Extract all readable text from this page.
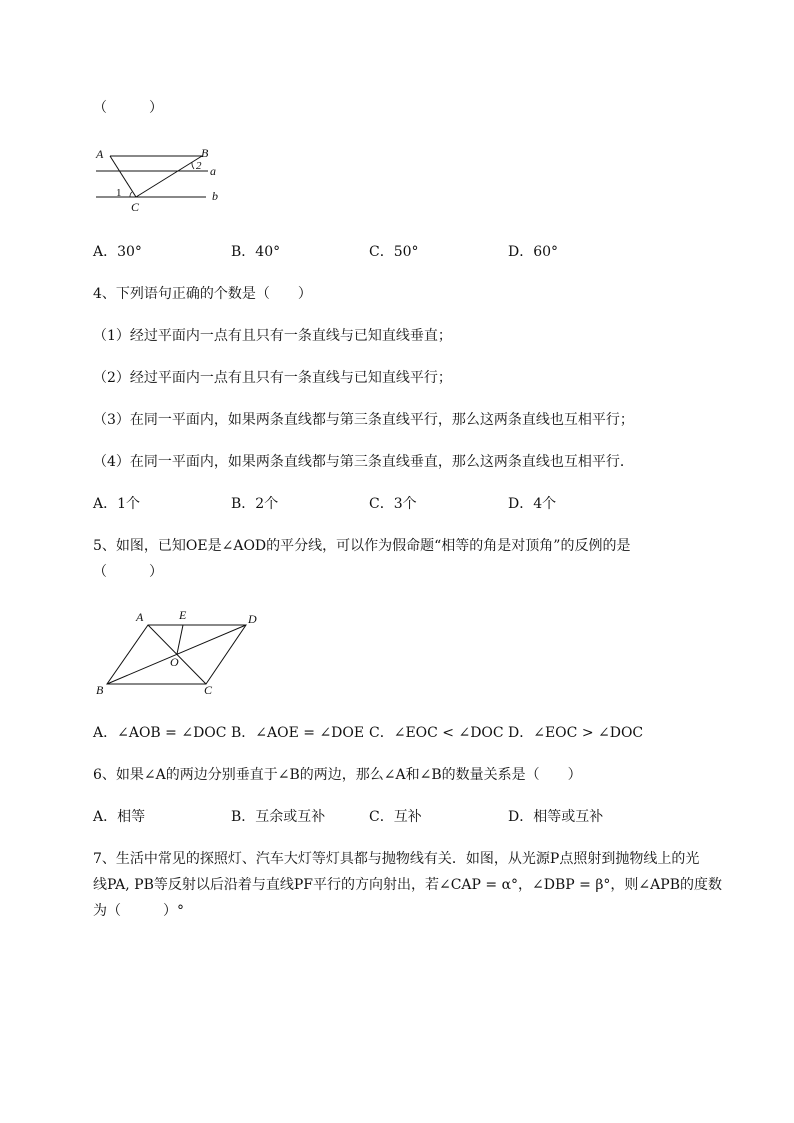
（　　　）
A	B
C
a
b
1
2
A．30°	B．40°	C．50°	D．60°
4、下列语句正确的个数是（　　）
（1）经过平面内一点有且只有一条直线与已知直线垂直；
（2）经过平面内一点有且只有一条直线与已知直线平行；
（3）在同一平面内，如果两条直线都与第三条直线平行，那么这两条直线也互相平行；
（4）在同一平面内，如果两条直线都与第三条直线垂直，那么这两条直线也互相平行．
A．1个	B．2个	C．3个	D．4个
5、如图，已知OE是∠AOD的平分线，可以作为假命题“相等的角是对顶角”的反例的是
（　　　）
A	E	D
O
B	C
A．∠AOB = ∠DOC B．∠AOE = ∠DOE C．∠EOC < ∠DOC D．∠EOC > ∠DOC
6、如果∠A的两边分别垂直于∠B的两边，那么∠A和∠B的数量关系是（　　）
A．相等	B．互余或互补	C．互补	D．相等或互补
7、生活中常见的探照灯、汽车大灯等灯具都与抛物线有关．如图，从光源P点照射到抛物线上的光
线PA, PB等反射以后沿着与直线PF平行的方向射出，若∠CAP = α°，∠DBP = β°，则∠APB的度数
为（　　　）°
